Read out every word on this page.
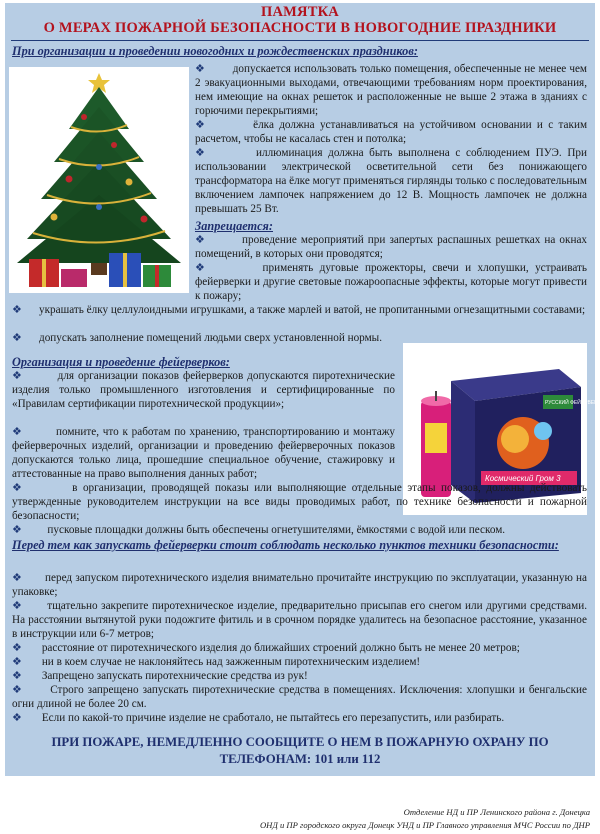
ПАМЯТКА
О МЕРАХ ПОЖАРНОЙ БЕЗОПАСНОСТИ В НОВОГОДНИЕ ПРАЗДНИКИ
При организации и проведении новогодних и рождественских праздников:
❖ допускается использовать только помещения, обеспеченные не менее чем 2 эвакуационными выходами, отвечающими требованиям норм проектирования, нем имеющие на окнах решеток и расположенные не выше 2 этажа в зданиях с горючими перекрытиями;
❖	ёлка должна устанавливаться на устойчивом основании и с таким расчетом, чтобы не касалась стен и потолка;
❖	иллюминация должна быть выполнена с соблюдением ПУЭ. При использовании электрической осветительной сети без понижающего трансформатора на ёлке могут применяться гирлянды только с последовательным включением лампочек напряжением до 12 В. Мощность лампочек не должна превышать 25 Вт.
Запрещается:
❖	проведение мероприятий при запертых распашных решетках на окнах помещений, в которых они проводятся;
❖	применять дуговые прожекторы, свечи и хлопушки, устраивать фейерверки и другие световые пожароопасные эффекты, которые могут привести к пожару;
❖ украшать ёлку целлулоидными игрушками, а также марлей и ватой, не пропитанными огнезащитными составами;
❖ допускать заполнение помещений людьми сверх установленной нормы.
Организация и проведение фейерверков:
РУССКИЙ ФЕЙЕРВЕРК
Космический Гром 3
❖	для организации показов фейерверков допускаются пиротехнические изделия только промышленного изготовления и сертифицированные по «Правилам сертификации пиротехнической продукции»;
❖	помните, что к работам по хранению, транспортированию и монтажу фейерверочных изделий, организации и проведению фейерверочных показов допускаются только лица, прошедшие специальное обучение, стажировку и аттестованные на право выполнения данных работ;
❖	в организации, проводящей показы или выполняющие отдельные этапы показов, должны действовать утвержденные руководителем инструкции на все виды проводимых работ, по технике безопасности и пожарной безопасности;
❖ пусковые площадки должны быть обеспечены огнетушителями, ёмкостями с водой или песком.
Перед тем как запускать фейерверки стоит соблюдать несколько пунктов техники безопасности:
❖ перед запуском пиротехнического изделия внимательно прочитайте инструкцию по эксплуатации, указанную на упаковке;
❖ тщательно закрепите пиротехническое изделие, предварительно присыпав его снегом или другими средствами. На расстоянии вытянутой руки подожгите фитиль и в срочном порядке удалитесь на безопасное расстояние, указанное в инструкции или 6-7 метров;
❖ расстояние от пиротехнического изделия до ближайших строений должно быть не менее 20 метров;
❖ ни в коем случае не наклоняйтесь над зажженным пиротехническим изделием!
❖ Запрещено запускать пиротехнические средства из рук!
❖ Строго запрещено запускать пиротехнические средства в помещениях. Исключения: хлопушки и бенгальские огни длиной не более 20 см.
❖ Если по какой-то причине изделие не сработало, не пытайтесь его перезапустить, или разбирать.
ПРИ ПОЖАРЕ, НЕМЕДЛЕННО СООБЩИТЕ О НЕМ В ПОЖАРНУЮ ОХРАНУ ПО
ТЕЛЕФОНАМ: 101 или 112
Отделение НД и ПР Ленинского района г. Донецка
ОНД и ПР городского округа Донецк УНД и ПР Главного управления МЧС России по ДНР
